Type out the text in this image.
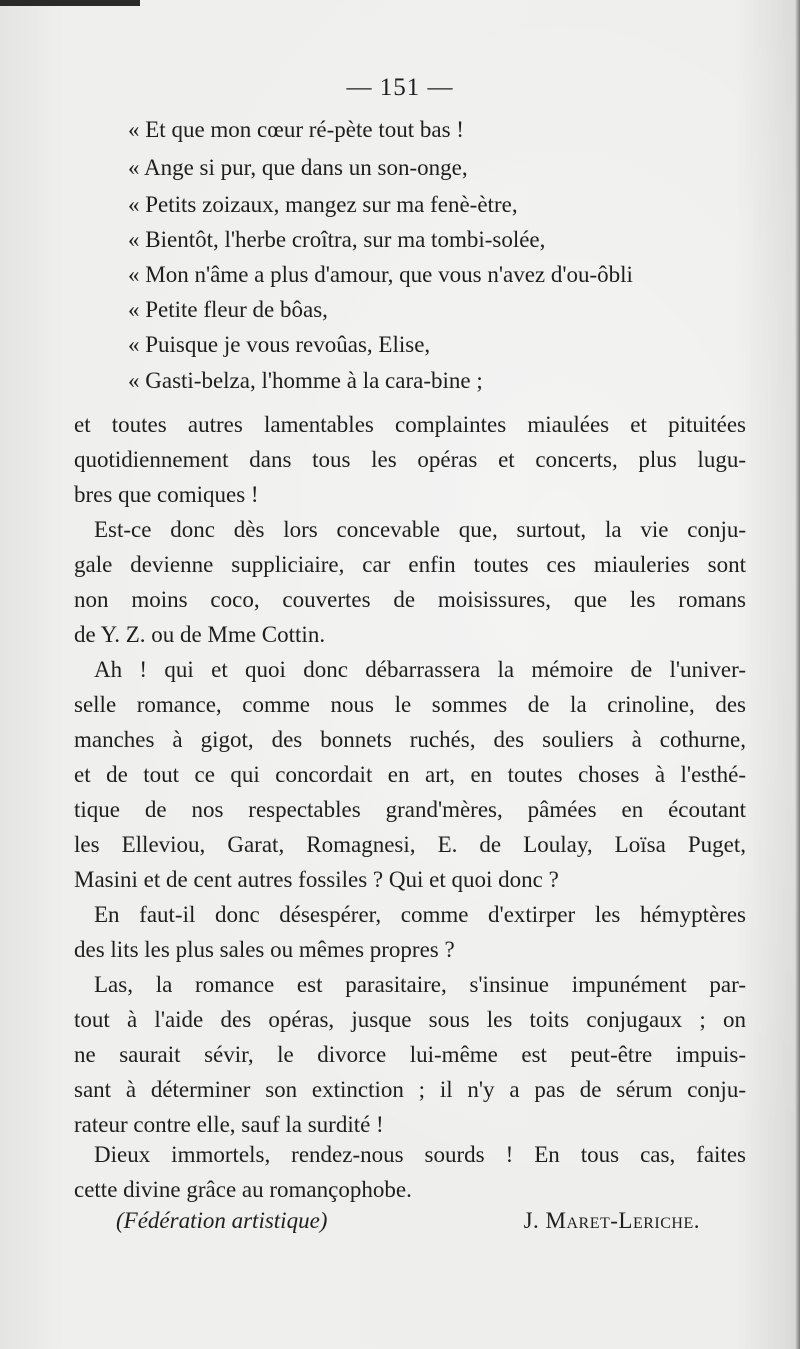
— 151 —
« Et que mon cœur ré-pète tout bas !
« Ange si pur, que dans un son-onge,
« Petits zoizaux, mangez sur ma fenè-ètre,
« Bientôt, l'herbe croîtra, sur ma tombi-solée,
« Mon n'âme a plus d'amour, que vous n'avez d'ou-ôbli
« Petite fleur de bôas,
« Puisque je vous revoûas, Elise,
« Gasti-belza, l'homme à la cara-bine ;
et toutes autres lamentables complaintes miaulées et pituitées
quotidiennement dans tous les opéras et concerts, plus lugu-
bres que comiques !
Est-ce donc dès lors concevable que, surtout, la vie conju-
gale devienne suppliciaire, car enfin toutes ces miauleries sont
non moins coco, couvertes de moisissures, que les romans
de Y. Z. ou de Mme Cottin.
Ah ! qui et quoi donc débarrassera la mémoire de l'univer-
selle romance, comme nous le sommes de la crinoline, des
manches à gigot, des bonnets ruchés, des souliers à cothurne,
et de tout ce qui concordait en art, en toutes choses à l'esthé-
tique de nos respectables grand'mères, pâmées en écoutant
les Elleviou, Garat, Romagnesi, E. de Loulay, Loïsa Puget,
Masini et de cent autres fossiles ? Qui et quoi donc ?
En faut-il donc désespérer, comme d'extirper les hémyptères
des lits les plus sales ou mêmes propres ?
Las, la romance est parasitaire, s'insinue impunément par-
tout à l'aide des opéras, jusque sous les toits conjugaux ; on
ne saurait sévir, le divorce lui-même est peut-être impuis-
sant à déterminer son extinction ; il n'y a pas de sérum conju-
rateur contre elle, sauf la surdité !
Dieux immortels, rendez-nous sourds ! En tous cas, faites
cette divine grâce au romançophobe.
(Fédération artistique)	J. Maret-Leriche.
